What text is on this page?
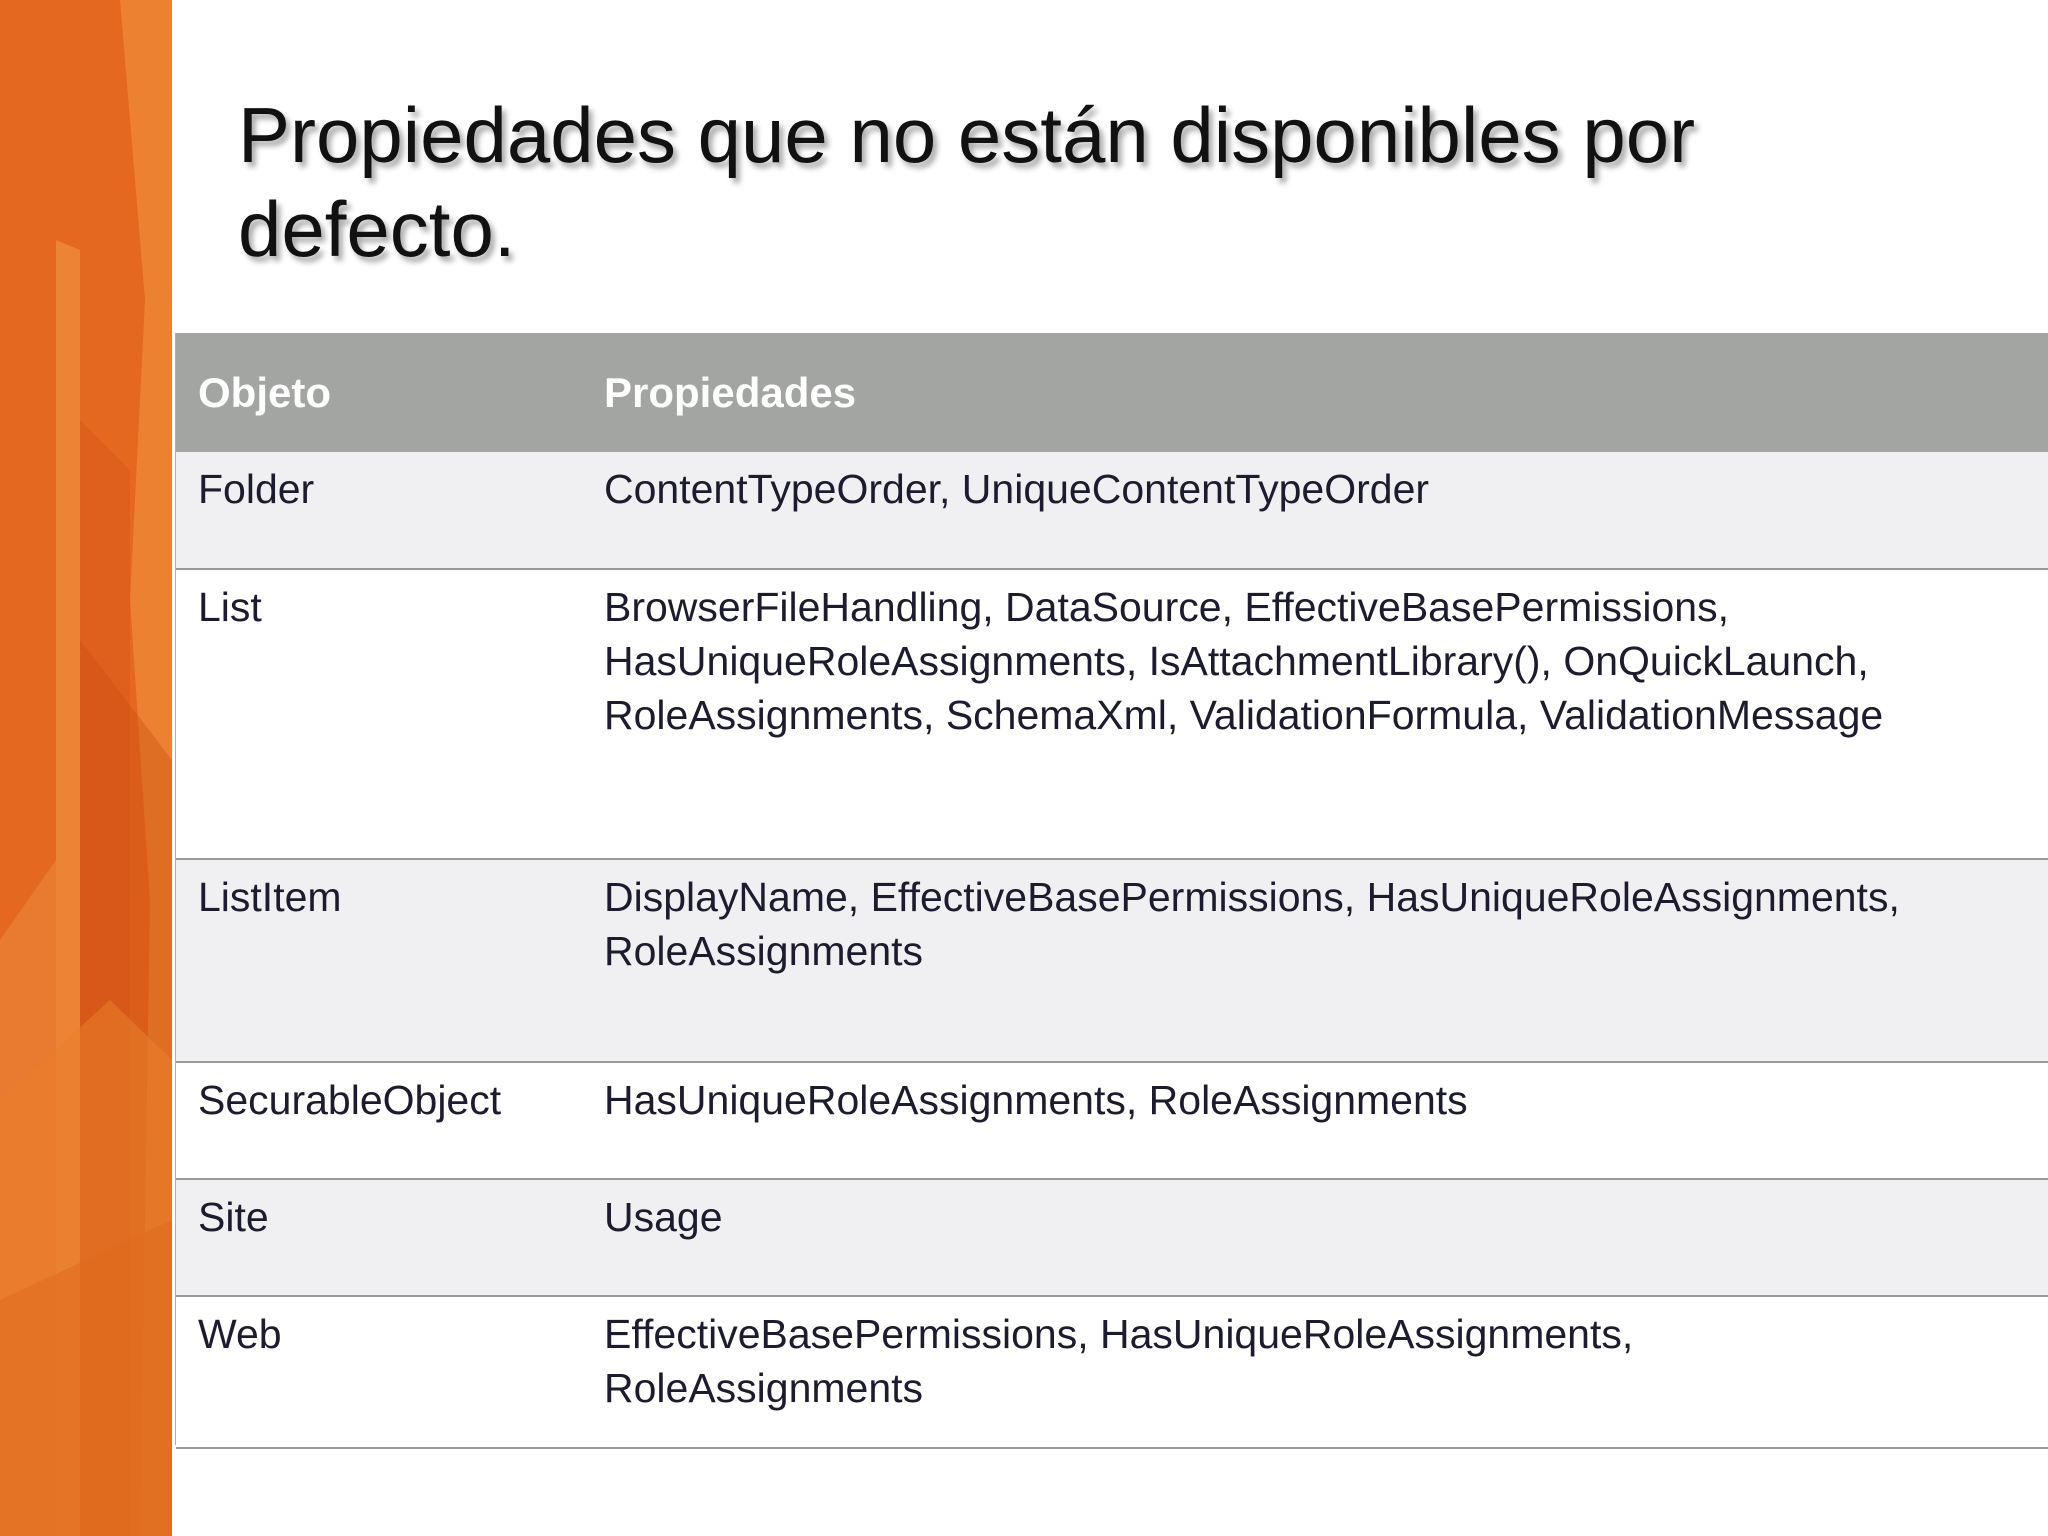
Propiedades que no están disponibles por
defecto.
Objeto	Propiedades
Folder	ContentTypeOrder, UniqueContentTypeOrder

List	BrowserFileHandling, DataSource, EffectiveBasePermissions,
HasUniqueRoleAssignments, IsAttachmentLibrary(), OnQuickLaunch,
RoleAssignments, SchemaXml, ValidationFormula, ValidationMessage

ListItem	DisplayName, EffectiveBasePermissions, HasUniqueRoleAssignments,
RoleAssignments

SecurableObject	HasUniqueRoleAssignments, RoleAssignments

Site	Usage

Web	EffectiveBasePermissions, HasUniqueRoleAssignments,
RoleAssignments
